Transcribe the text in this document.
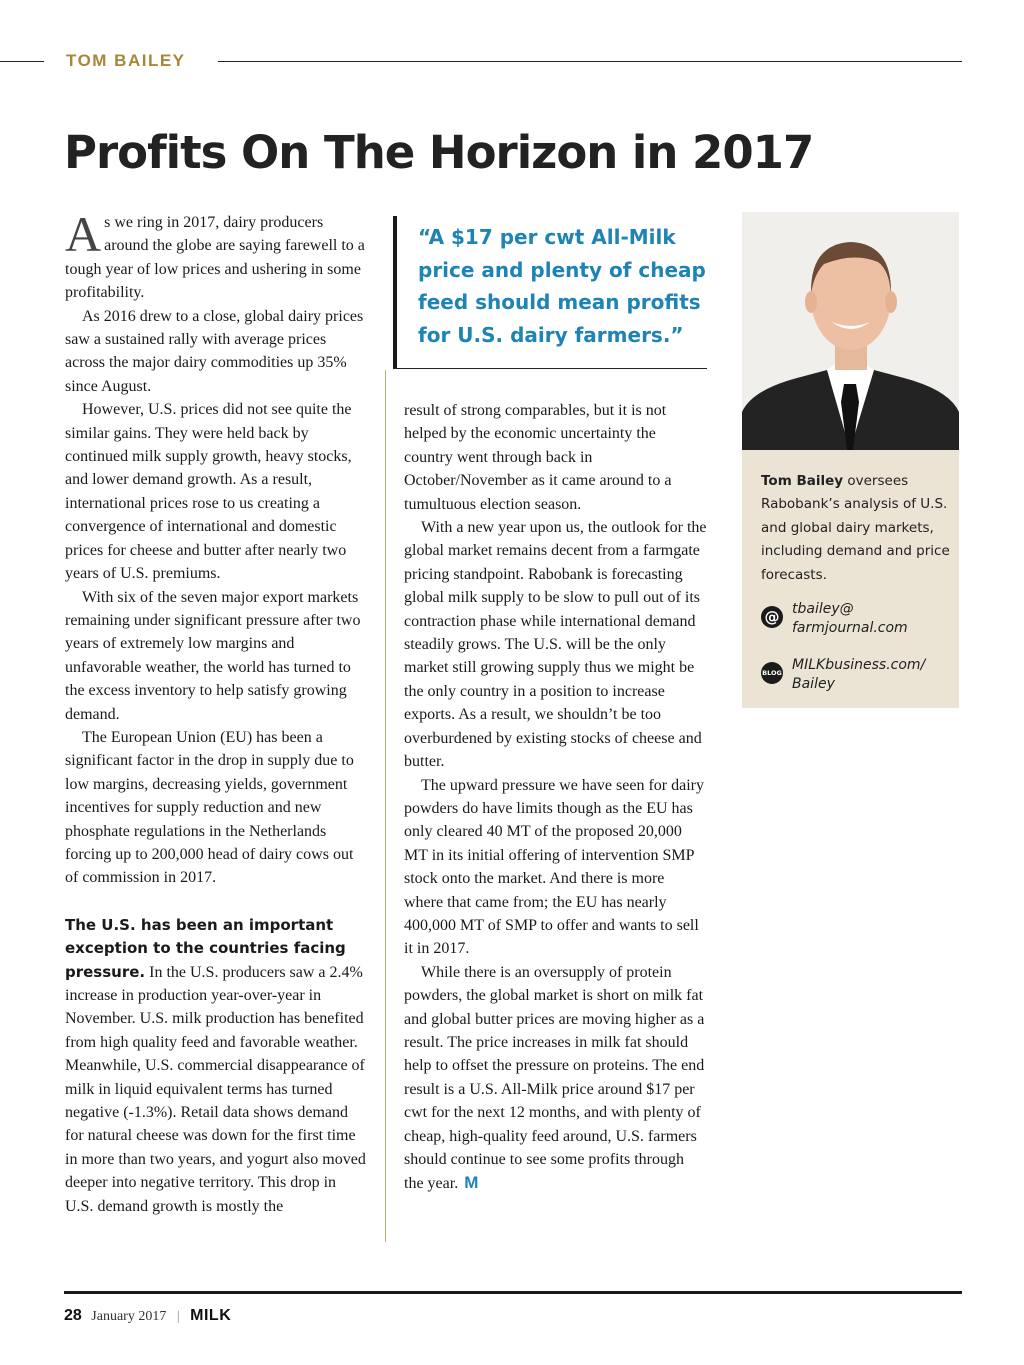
TOM BAILEY
Profits On The Horizon in 2017

As we ring in 2017, dairy producers around the globe are saying farewell to a tough year of low prices and ushering in some profitability.

As 2016 drew to a close, global dairy prices saw a sustained rally with average prices across the major dairy commodities up 35% since August.

However, U.S. prices did not see quite the similar gains. They were held back by continued milk supply growth, heavy stocks, and lower demand growth. As a result, international prices rose to us creating a convergence of international and domestic prices for cheese and butter after nearly two years of U.S. premiums.

With six of the seven major export markets remaining under significant pressure after two years of extremely low margins and unfavorable weather, the world has turned to the excess inventory to help satisfy growing demand.

The European Union (EU) has been a significant factor in the drop in supply due to low margins, decreasing yields, government incentives for supply reduction and new phosphate regulations in the Netherlands forcing up to 200,000 head of dairy cows out of commission in 2017.

The U.S. has been an important exception to the countries facing pressure. In the U.S. producers saw a 2.4% increase in production year-over-year in November. U.S. milk production has benefited from high quality feed and favorable weather. Meanwhile, U.S. commercial disappearance of milk in liquid equivalent terms has turned negative (-1.3%). Retail data shows demand for natural cheese was down for the first time in more than two years, and yogurt also moved deeper into negative territory. This drop in U.S. demand growth is mostly the

“A $17 per cwt All-Milk price and plenty of cheap feed should mean profits for U.S. dairy farmers.”

result of strong comparables, but it is not helped by the economic uncertainty the country went through back in October/November as it came around to a tumultuous election season.

With a new year upon us, the outlook for the global market remains decent from a farmgate pricing standpoint. Rabobank is forecasting global milk supply to be slow to pull out of its contraction phase while international demand steadily grows. The U.S. will be the only market still growing supply thus we might be the only country in a position to increase exports. As a result, we shouldn’t be too overburdened by existing stocks of cheese and butter.

The upward pressure we have seen for dairy powders do have limits though as the EU has only cleared 40 MT of the proposed 20,000 MT in its initial offering of intervention SMP stock onto the market. And there is more where that came from; the EU has nearly 400,000 MT of SMP to offer and wants to sell it in 2017.

While there is an oversupply of protein powders, the global market is short on milk fat and global butter prices are moving higher as a result. The price increases in milk fat should help to offset the pressure on proteins. The end result is a U.S. All-Milk price around $17 per cwt for the next 12 months, and with plenty of cheap, high-quality feed around, U.S. farmers should continue to see some profits through the year. M

Tom Bailey oversees Rabobank’s analysis of U.S. and global dairy markets, including demand and price forecasts.

@ tbailey@
farmjournal.com
BLOG MILKbusiness.com/
Bailey
28 January 2017 | MILK
